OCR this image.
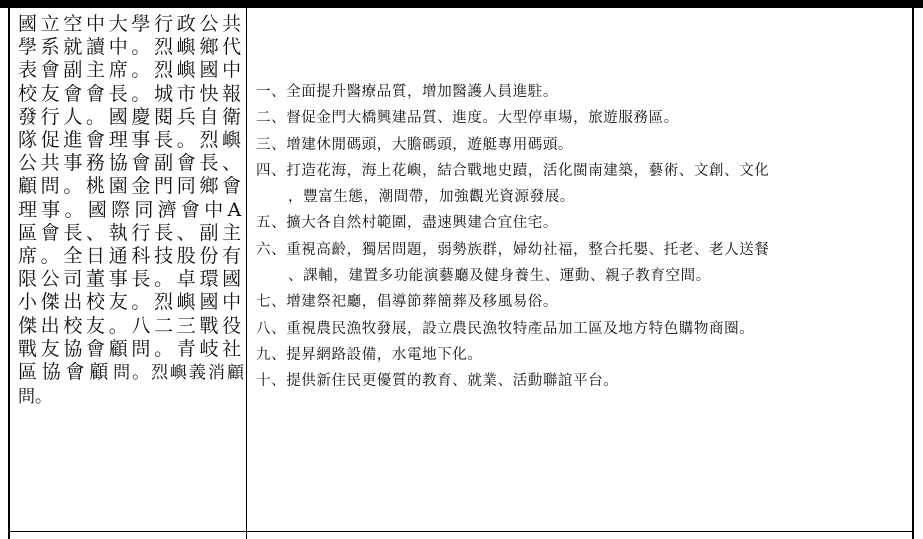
國立空中大學行政公共學系就讀中。烈嶼鄉代表會副主席。烈嶼國中校友會會長。城市快報發行人。國慶閱兵自衛隊促進會理事長。烈嶼公共事務協會副會長、顧問。桃園金門同鄉會理事。國際同濟會中A區會長、執行長、副主席。全日通科技股份有限公司董事長。卓環國小傑出校友。烈嶼國中傑出校友。八二三戰役戰友協會顧問。青岐社區協會顧問。烈嶼義消顧問。
一、全面提升醫療品質，增加醫護人員進駐。
二、督促金門大橋興建品質、進度。大型停車場，旅遊服務區。
三、增建休閒碼頭，大膽碼頭，遊艇專用碼頭。
四、打造花海，海上花嶼，結合戰地史蹟，活化閩南建築，藝術、文創、文化
，豐富生態，潮間帶，加強觀光資源發展。
五、擴大各自然村範圍，盡速興建合宜住宅。
六、重視高齡，獨居問題，弱勢族群，婦幼社福，整合托嬰、托老、老人送餐
、課輔，建置多功能演藝廳及健身養生、運動、親子教育空間。
七、增建祭祀廳，倡導節葬簡葬及移風易俗。
八、重視農民漁牧發展，設立農民漁牧特產品加工區及地方特色購物商圈。
九、提昇網路設備，水電地下化。
十、提供新住民更優質的教育、就業、活動聯誼平台。
